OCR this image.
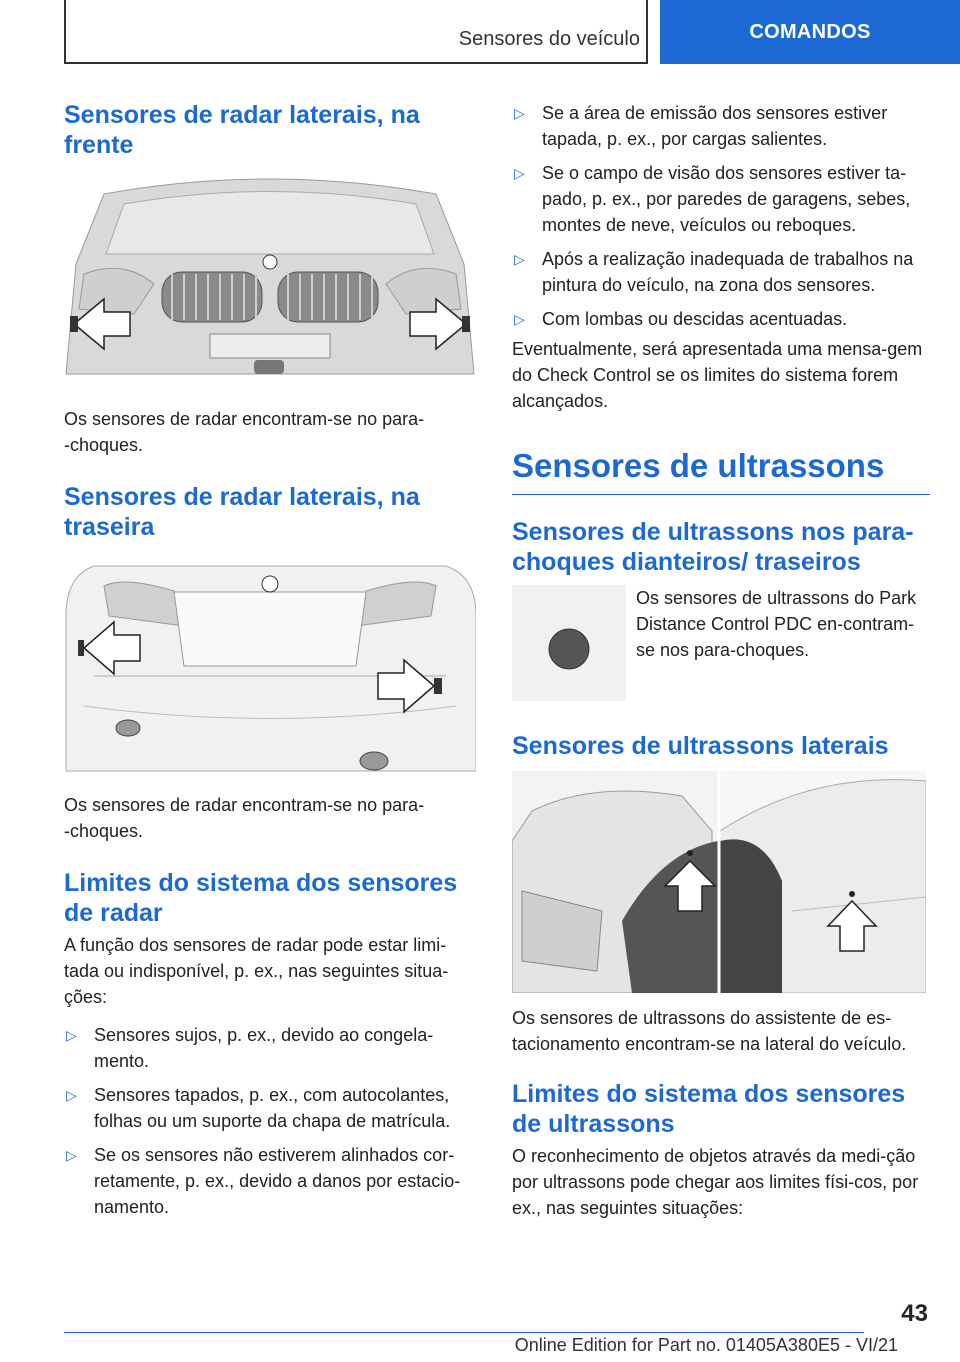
Sensores do veículo	COMANDOS
Sensores de radar laterais, na frente

Os sensores de radar encontram-se no para-
-choques.

Sensores de radar laterais, na traseira

Os sensores de radar encontram-se no para-
-choques.

Limites do sistema dos sensores de radar

A função dos sensores de radar pode estar limi-tada ou indisponível, p. ex., nas seguintes situa-ções:

▷ Sensores sujos, p. ex., devido ao congela-mento.
▷ Sensores tapados, p. ex., com autocolantes, folhas ou um suporte da chapa de matrícula.
▷ Se os sensores não estiverem alinhados cor-retamente, p. ex., devido a danos por estacio-namento.
▷ Se a área de emissão dos sensores estiver tapada, p. ex., por cargas salientes.
▷ Se o campo de visão dos sensores estiver ta-pado, p. ex., por paredes de garagens, sebes, montes de neve, veículos ou reboques.
▷ Após a realização inadequada de trabalhos na pintura do veículo, na zona dos sensores.
▷ Com lombas ou descidas acentuadas.

Eventualmente, será apresentada uma mensa-gem do Check Control se os limites do sistema forem alcançados.

Sensores de ultrassons
Sensores de ultrassons nos para-choques dianteiros/ traseiros

Os sensores de ultrassons do Park Distance Control PDC en-contram-se nos para-choques.

Sensores de ultrassons laterais

Os sensores de ultrassons do assistente de es-tacionamento encontram-se na lateral do veículo.

Limites do sistema dos sensores de ultrassons

O reconhecimento de objetos através da medi-ção por ultrassons pode chegar aos limites físi-cos, por ex., nas seguintes situações:

43
Online Edition for Part no. 01405A380E5 - VI/21
